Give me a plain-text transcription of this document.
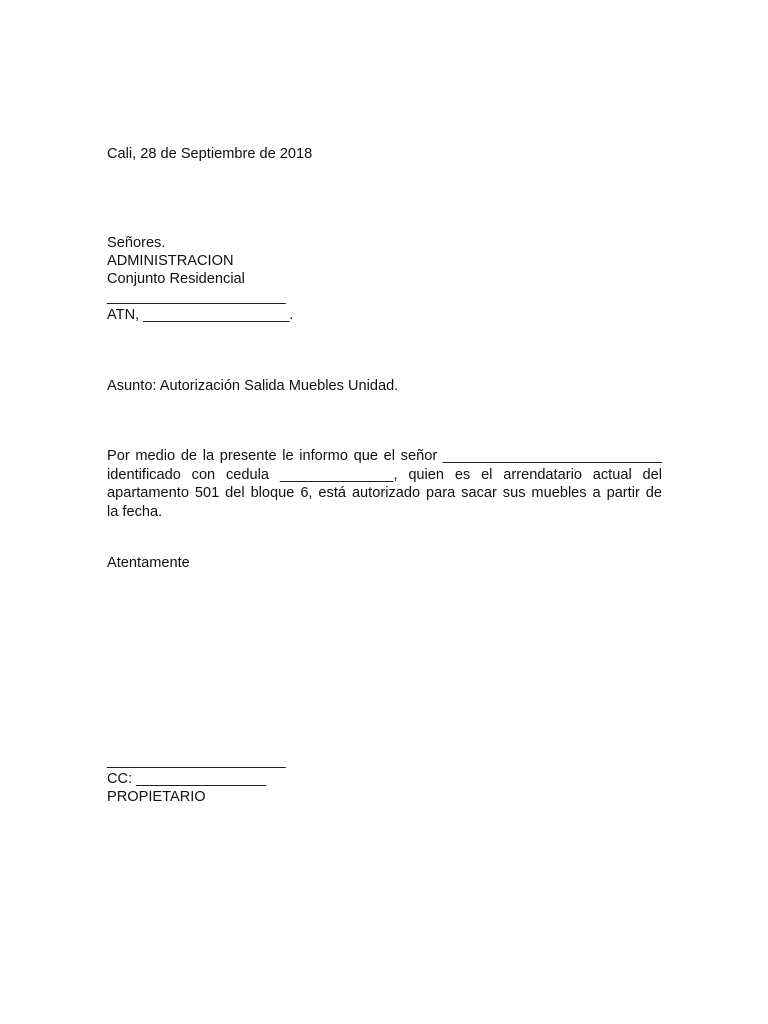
Cali, 28 de Septiembre de 2018
Señores.
ADMINISTRACION
Conjunto Residencial
______________________
ATN, __________________.
Asunto: Autorización Salida Muebles Unidad.
Por medio de la presente le informo que el señor ___________________________
identificado con cedula ______________, quien es el arrendatario actual del
apartamento 501 del bloque 6, está autorizado para sacar sus muebles a partir de
la fecha.
Atentamente
______________________
CC: ________________
PROPIETARIO
